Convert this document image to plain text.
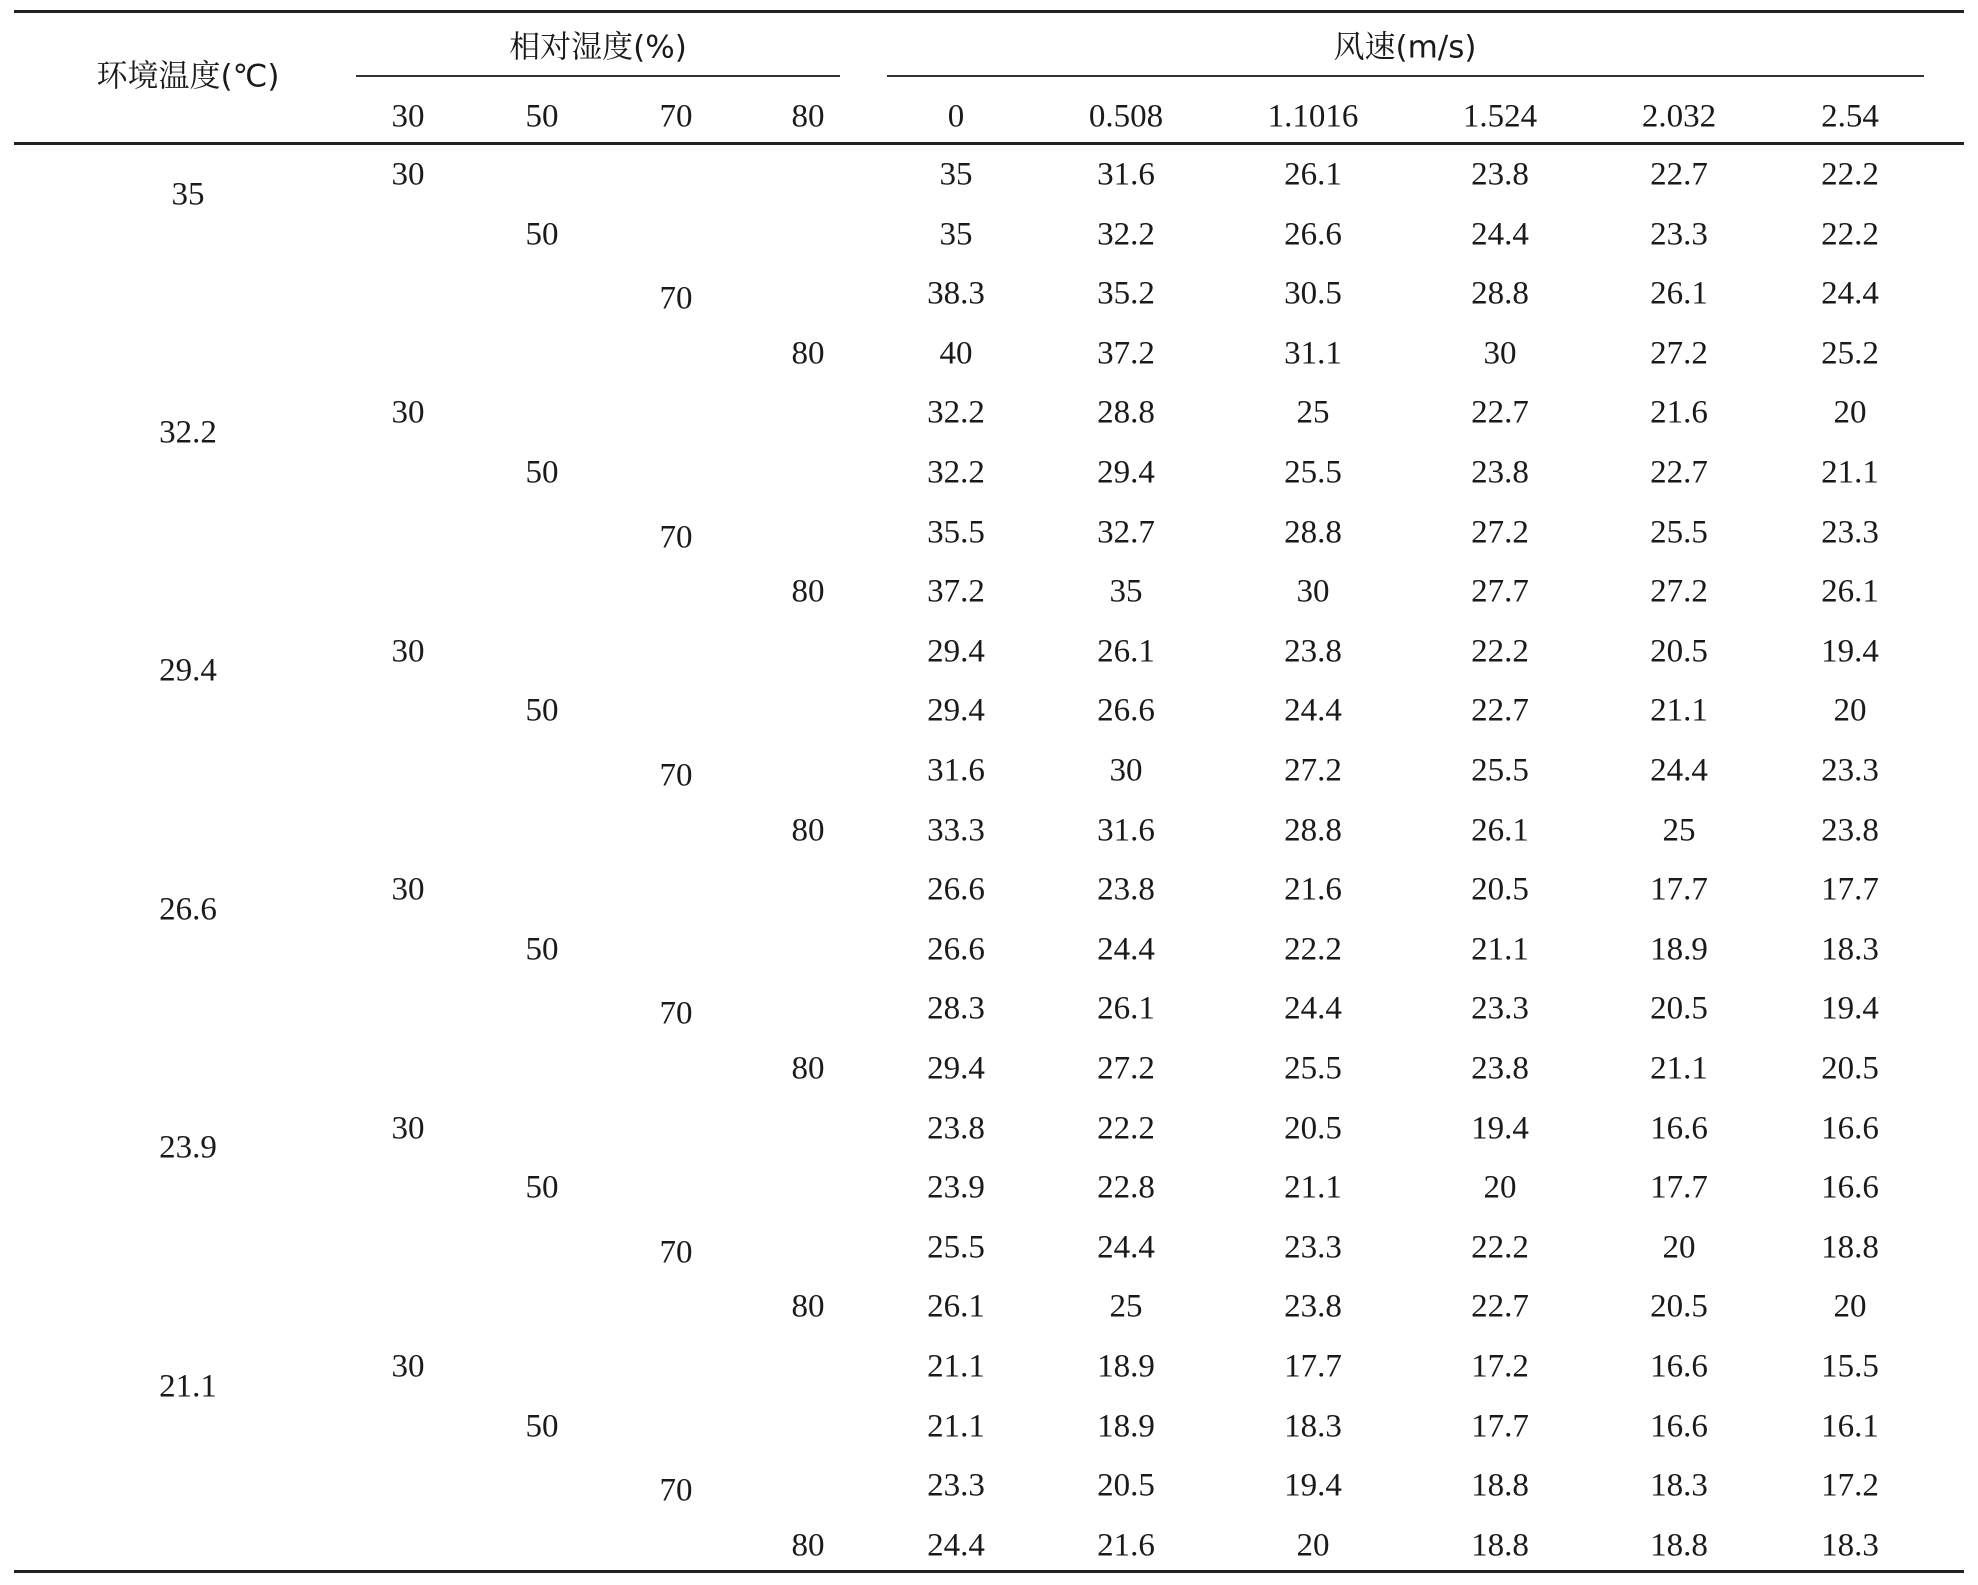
环境温度(℃)
相对湿度(%)	风速(m/s)
30	50	70	80	0	0.508	1.1016	1.524	2.032	2.54
35
30	35	31.6	26.1	23.8	22.7	22.2
50	35	32.2	26.6	24.4	23.3	22.2
70	38.3	35.2	30.5	28.8	26.1	24.4
80	40	37.2	31.1	30	27.2	25.2
32.2
30	32.2	28.8	25	22.7	21.6	20
50	32.2	29.4	25.5	23.8	22.7	21.1
70	35.5	32.7	28.8	27.2	25.5	23.3
80	37.2	35	30	27.7	27.2	26.1
29.4
30	29.4	26.1	23.8	22.2	20.5	19.4
50	29.4	26.6	24.4	22.7	21.1	20
70	31.6	30	27.2	25.5	24.4	23.3
80	33.3	31.6	28.8	26.1	25	23.8
26.6
30	26.6	23.8	21.6	20.5	17.7	17.7
50	26.6	24.4	22.2	21.1	18.9	18.3
70	28.3	26.1	24.4	23.3	20.5	19.4
80	29.4	27.2	25.5	23.8	21.1	20.5
23.9
30	23.8	22.2	20.5	19.4	16.6	16.6
50	23.9	22.8	21.1	20	17.7	16.6
70	25.5	24.4	23.3	22.2	20	18.8
80	26.1	25	23.8	22.7	20.5	20
21.1
30	21.1	18.9	17.7	17.2	16.6	15.5
50	21.1	18.9	18.3	17.7	16.6	16.1
70	23.3	20.5	19.4	18.8	18.3	17.2
80	24.4	21.6	20	18.8	18.8	18.3
